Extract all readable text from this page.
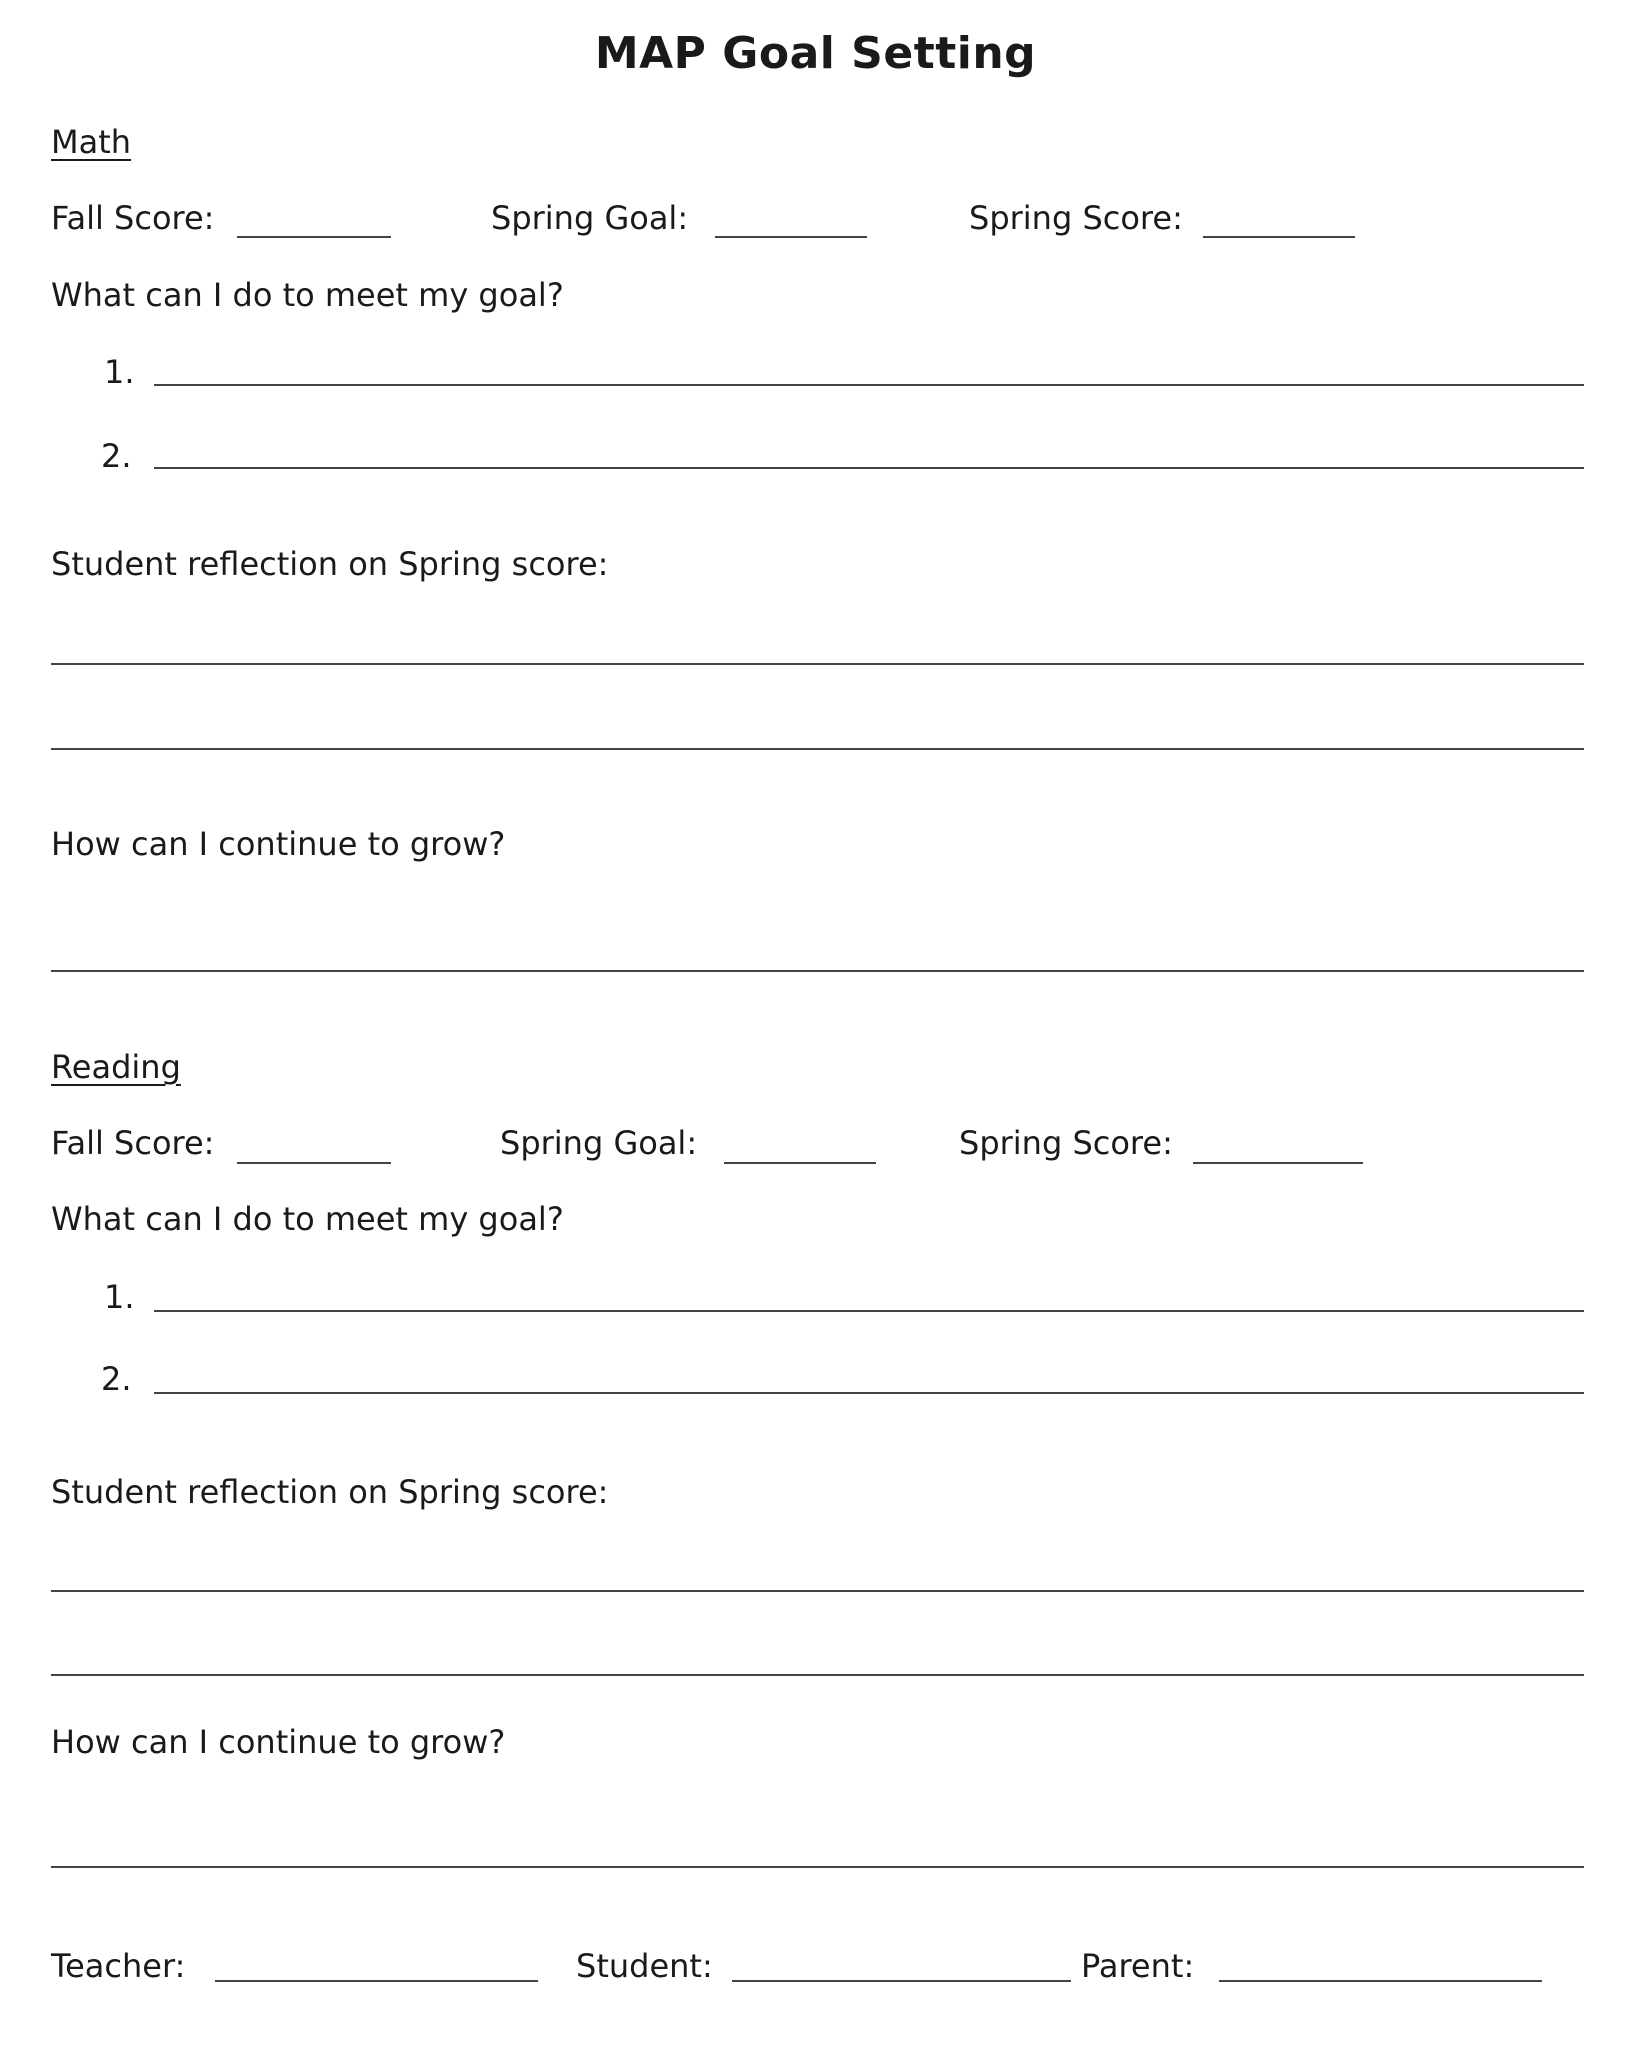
MAP Goal Setting
Math
Fall Score:	Spring Goal:	Spring Score:
What can I do to meet my goal?
1.
2.
Student reflection on Spring score:
How can I continue to grow?
Reading
Fall Score:	Spring Goal:	Spring Score:
What can I do to meet my goal?
1.
2.
Student reflection on Spring score:
How can I continue to grow?
Teacher:	Student:	Parent:
